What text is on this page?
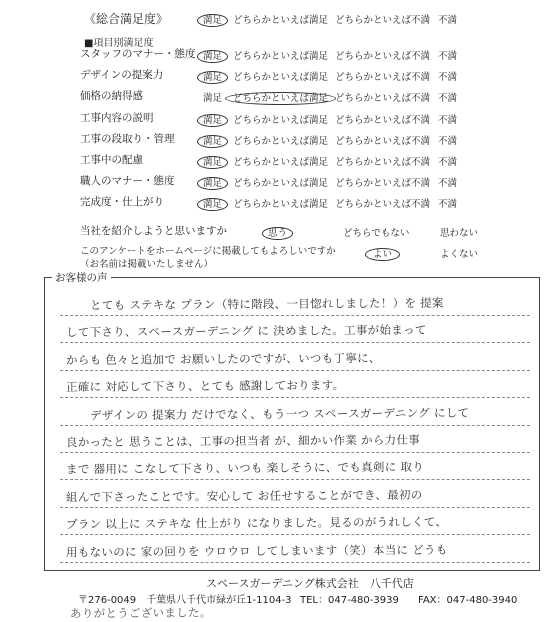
《総合満足度》	満足	どちらかといえば満足 どちらかといえば不満 不満
■項目別満足度
スタッフのマナー・態度 満足	どちらかといえば満足 どちらかといえば不満 不満
デザインの提案力	満足	どちらかといえば満足 どちらかといえば不満 不満
価格の納得感	満足 どちらかといえば満足 どちらかといえば不満 不満
工事内容の説明	満足	どちらかといえば満足 どちらかといえば不満 不満
工事の段取り・管理	満足	どちらかといえば満足 どちらかといえば不満 不満
工事中の配慮	満足	どちらかといえば満足 どちらかといえば不満 不満
職人のマナー・態度	満足	どちらかといえば満足 どちらかといえば不満 不満
完成度・仕上がり	満足	どちらかといえば満足 どちらかといえば不満 不満
当社を紹介しようと思いますか	思う	どちらでもない	思わない
このアンケートをホームページに掲載してもよろしいですか
（お名前は掲載いたしません）
よい	よくない
お客様の声
とても ステキな プラン（特に階段、一目惚れしました！）を 提案
して下さり、スペースガーデニング に 決めました。工事が始まって
からも 色々と追加で お願いしたのですが、いつも丁寧に、
正確に 対応して下さり、とても 感謝しております。
デザインの 提案力 だけでなく、もう一つ スペースガーデニング にして
良かったと 思うことは、工事の担当者 が、細かい作業 から力仕事
まで 器用に こなして下さり、いつも 楽しそうに、でも真剣に 取り
組んで下さったことです。安心して お任せすることができ、最初の
プラン 以上に ステキな 仕上がり になりました。見るのがうれしくて、
用もないのに 家の回りを ウロウロ してしまいます（笑）本当に どうも
スペースガーデニング株式会社　八千代店
〒276-0049　千葉県八千代市緑が丘1-1104-3 TEL：047-480-3939 FAX：047-480-3940
ありがとうございました。
